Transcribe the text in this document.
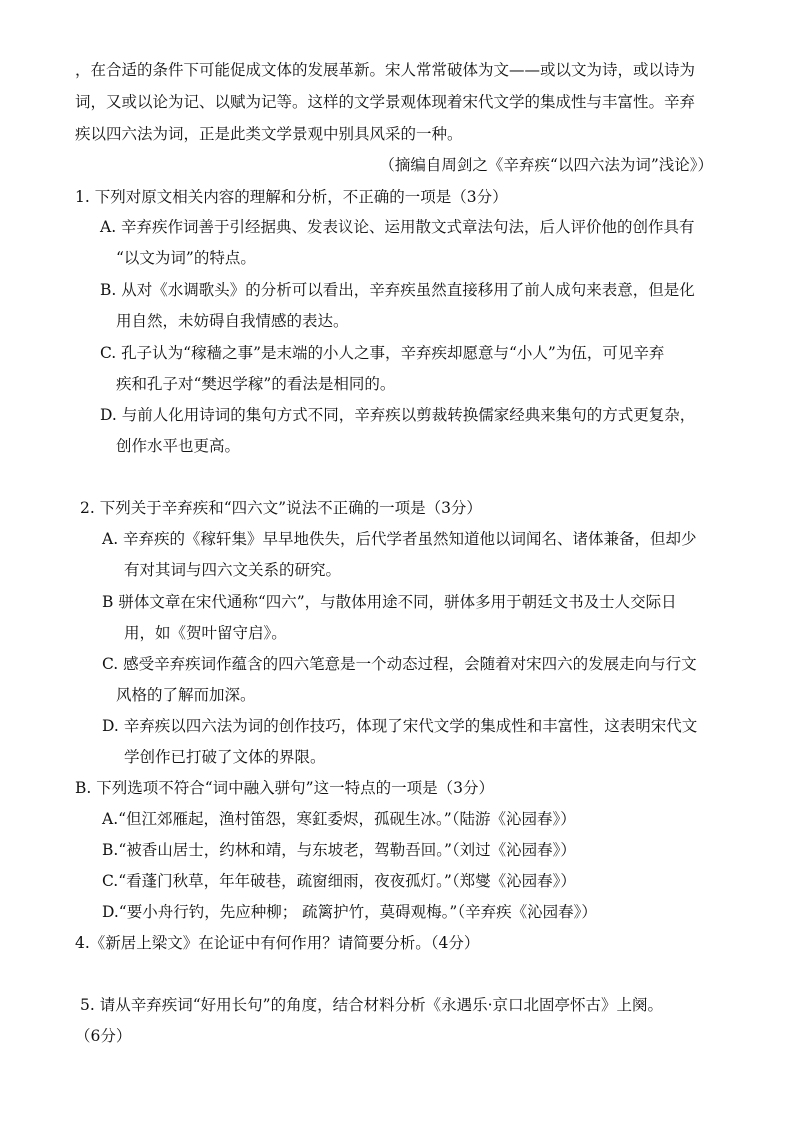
，在合适的条件下可能促成文体的发展革新。宋人常常破体为文——或以文为诗，或以诗为
词，又或以论为记、以赋为记等。这样的文学景观体现着宋代文学的集成性与丰富性。辛弃
疾以四六法为词，正是此类文学景观中别具风采的一种。
（摘编自周剑之《辛弃疾“以四六法为词”浅论》）
1. 下列对原文相关内容的理解和分析，不正确的一项是（3分）
A. 辛弃疾作词善于引经据典、发表议论、运用散文式章法句法，后人评价他的创作具有
“以文为词”的特点。
B. 从对《水调歌头》的分析可以看出，辛弃疾虽然直接移用了前人成句来表意，但是化
用自然，未妨碍自我情感的表达。
C. 孔子认为“稼穑之事”是末端的小人之事，辛弃疾却愿意与“小人”为伍，可见辛弃
疾和孔子对“樊迟学稼”的看法是相同的。
D. 与前人化用诗词的集句方式不同，辛弃疾以剪裁转换儒家经典来集句的方式更复杂，
创作水平也更高。
2. 下列关于辛弃疾和“四六文”说法不正确的一项是（3分）
A. 辛弃疾的《稼轩集》早早地佚失，后代学者虽然知道他以词闻名、诸体兼备，但却少
有对其词与四六文关系的研究。
B 骈体文章在宋代通称“四六”，与散体用途不同，骈体多用于朝廷文书及士人交际日
用，如《贺叶留守启》。
C. 感受辛弃疾词作蕴含的四六笔意是一个动态过程，会随着对宋四六的发展走向与行文
风格的了解而加深。
D. 辛弃疾以四六法为词的创作技巧，体现了宋代文学的集成性和丰富性，这表明宋代文
学创作已打破了文体的界限。
B. 下列选项不符合“词中融入骈句”这一特点的一项是（3分）
A.“但江郊雁起，渔村笛怨，寒釭委烬，孤砚生冰。”（陆游《沁园春》）
B.“被香山居士，约林和靖，与东坡老，驾勒吾回。”（刘过《沁园春》）
C.“看蓬门秋草，年年破巷，疏窗细雨，夜夜孤灯。”（郑燮《沁园春》）
D.“要小舟行钓，先应种柳； 疏篱护竹，莫碍观梅。”（辛弃疾《沁园春》）
4.《新居上梁文》在论证中有何作用？请简要分析。（4分）
5. 请从辛弃疾词“好用长句”的角度，结合材料分析《永遇乐·京口北固亭怀古》上阕。
（6分）
